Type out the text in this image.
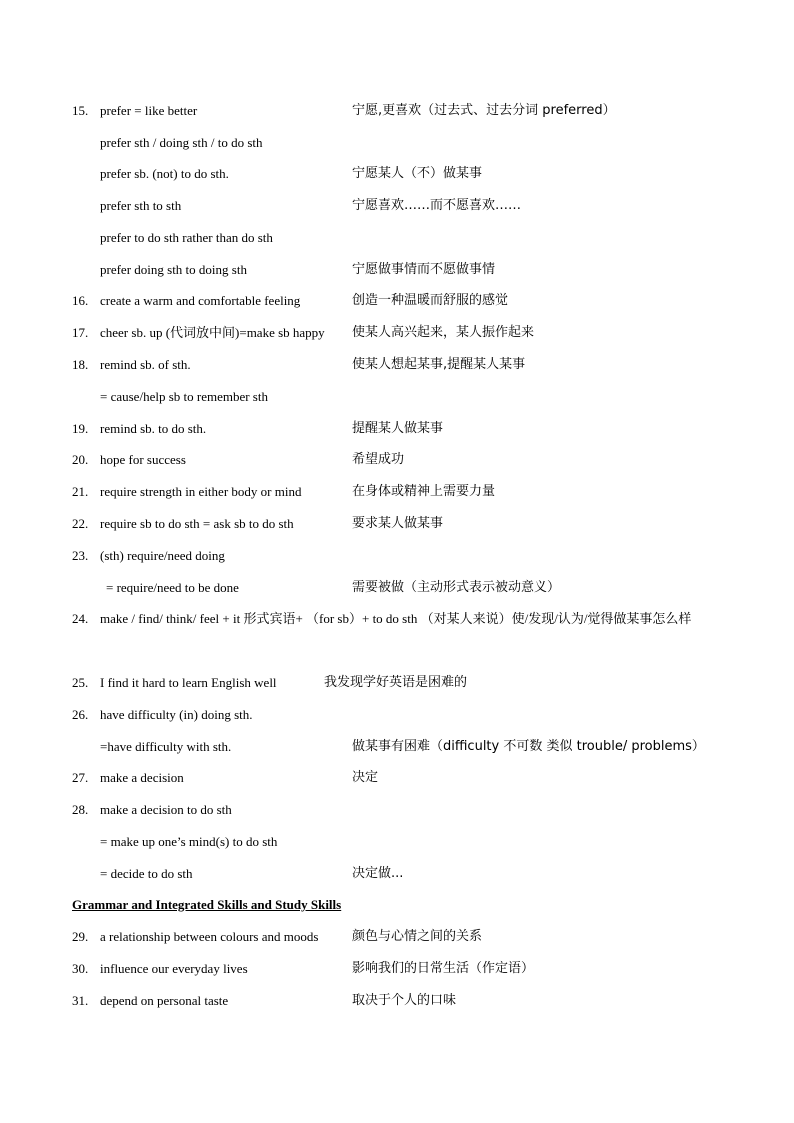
15. prefer = like better	宁愿,更喜欢（过去式、过去分词 preferred）
prefer sth / doing sth / to do sth
prefer sb. (not) to do sth.	宁愿某人（不）做某事
prefer sth to sth	宁愿喜欢……而不愿喜欢……
prefer to do sth rather than do sth
prefer doing sth to doing sth	宁愿做事情而不愿做事情
16. create a warm and comfortable feeling	创造一种温暖而舒服的感觉
17. cheer sb. up (代词放中间)=make sb happy 使某人高兴起来，某人振作起来
18. remind sb. of sth.	使某人想起某事,提醒某人某事
= cause/help sb to remember sth
19. remind sb. to do sth.	提醒某人做某事
20. hope for success	希望成功
21. require strength in either body or mind	在身体或精神上需要力量
22. require sb to do sth = ask sb to do sth	要求某人做某事
23. (sth) require/need doing
= require/need to be done	需要被做（主动形式表示被动意义）
24. make / find/ think/ feel + it 形式宾语+ （for sb）+ to do sth （对某人来说）使/发现/认为/觉得做某事怎么样
25. I find it hard to learn English well	我发现学好英语是困难的
26. have difficulty (in) doing sth.
=have difficulty with sth.	做某事有困难（difficulty 不可数 类似 trouble/ problems）
27. make a decision	决定
28. make a decision to do sth
= make up one’s mind(s) to do sth
= decide to do sth	决定做...
Grammar and Integrated Skills and Study Skills
29. a relationship between colours and moods	颜色与心情之间的关系
30. influence our everyday lives	影响我们的日常生活（作定语）
31. depend on personal taste	取决于个人的口味
